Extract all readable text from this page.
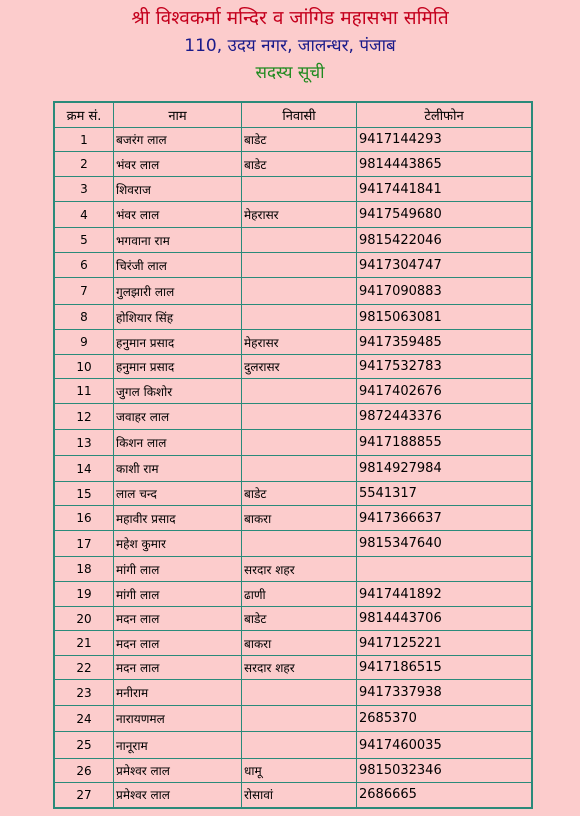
श्री विश्वकर्मा मन्दिर व जांगिड महासभा समिति
110, उदय नगर, जालन्धर, पंजाब
सदस्य सूची
क्रम सं.	नाम	निवासी	टेलीफोन
1	बजरंग लाल	बाडेट	9417144293
2	भंवर लाल	बाडेट	9814443865
3	शिवराज		9417441841
4	भंवर लाल	मेहरासर	9417549680
5	भगवाना राम		9815422046
6	चिरंजी लाल		9417304747
7	गुलझारी लाल		9417090883
8	होशियार सिंह		9815063081
9	हनुमान प्रसाद	मेहरासर	9417359485
10	हनुमान प्रसाद	दुलरासर	9417532783
11	जुगल किशोर		9417402676
12	जवाहर लाल		9872443376
13	किशन लाल		9417188855
14	काशी राम		9814927984
15	लाल चन्द	बाडेट	5541317
16	महावीर प्रसाद	बाकरा	9417366637
17	महेश कुमार		9815347640
18	मांगी लाल	सरदार शहर	
19	मांगी लाल	ढाणी	9417441892
20	मदन लाल	बाडेट	9814443706
21	मदन लाल	बाकरा	9417125221
22	मदन लाल	सरदार शहर	9417186515
23	मनीराम		9417337938
24	नारायणमल		2685370
25	नानूराम		9417460035
26	प्रमेश्वर लाल	धामू	9815032346
27	प्रमेश्वर लाल	रोसावां	2686665
